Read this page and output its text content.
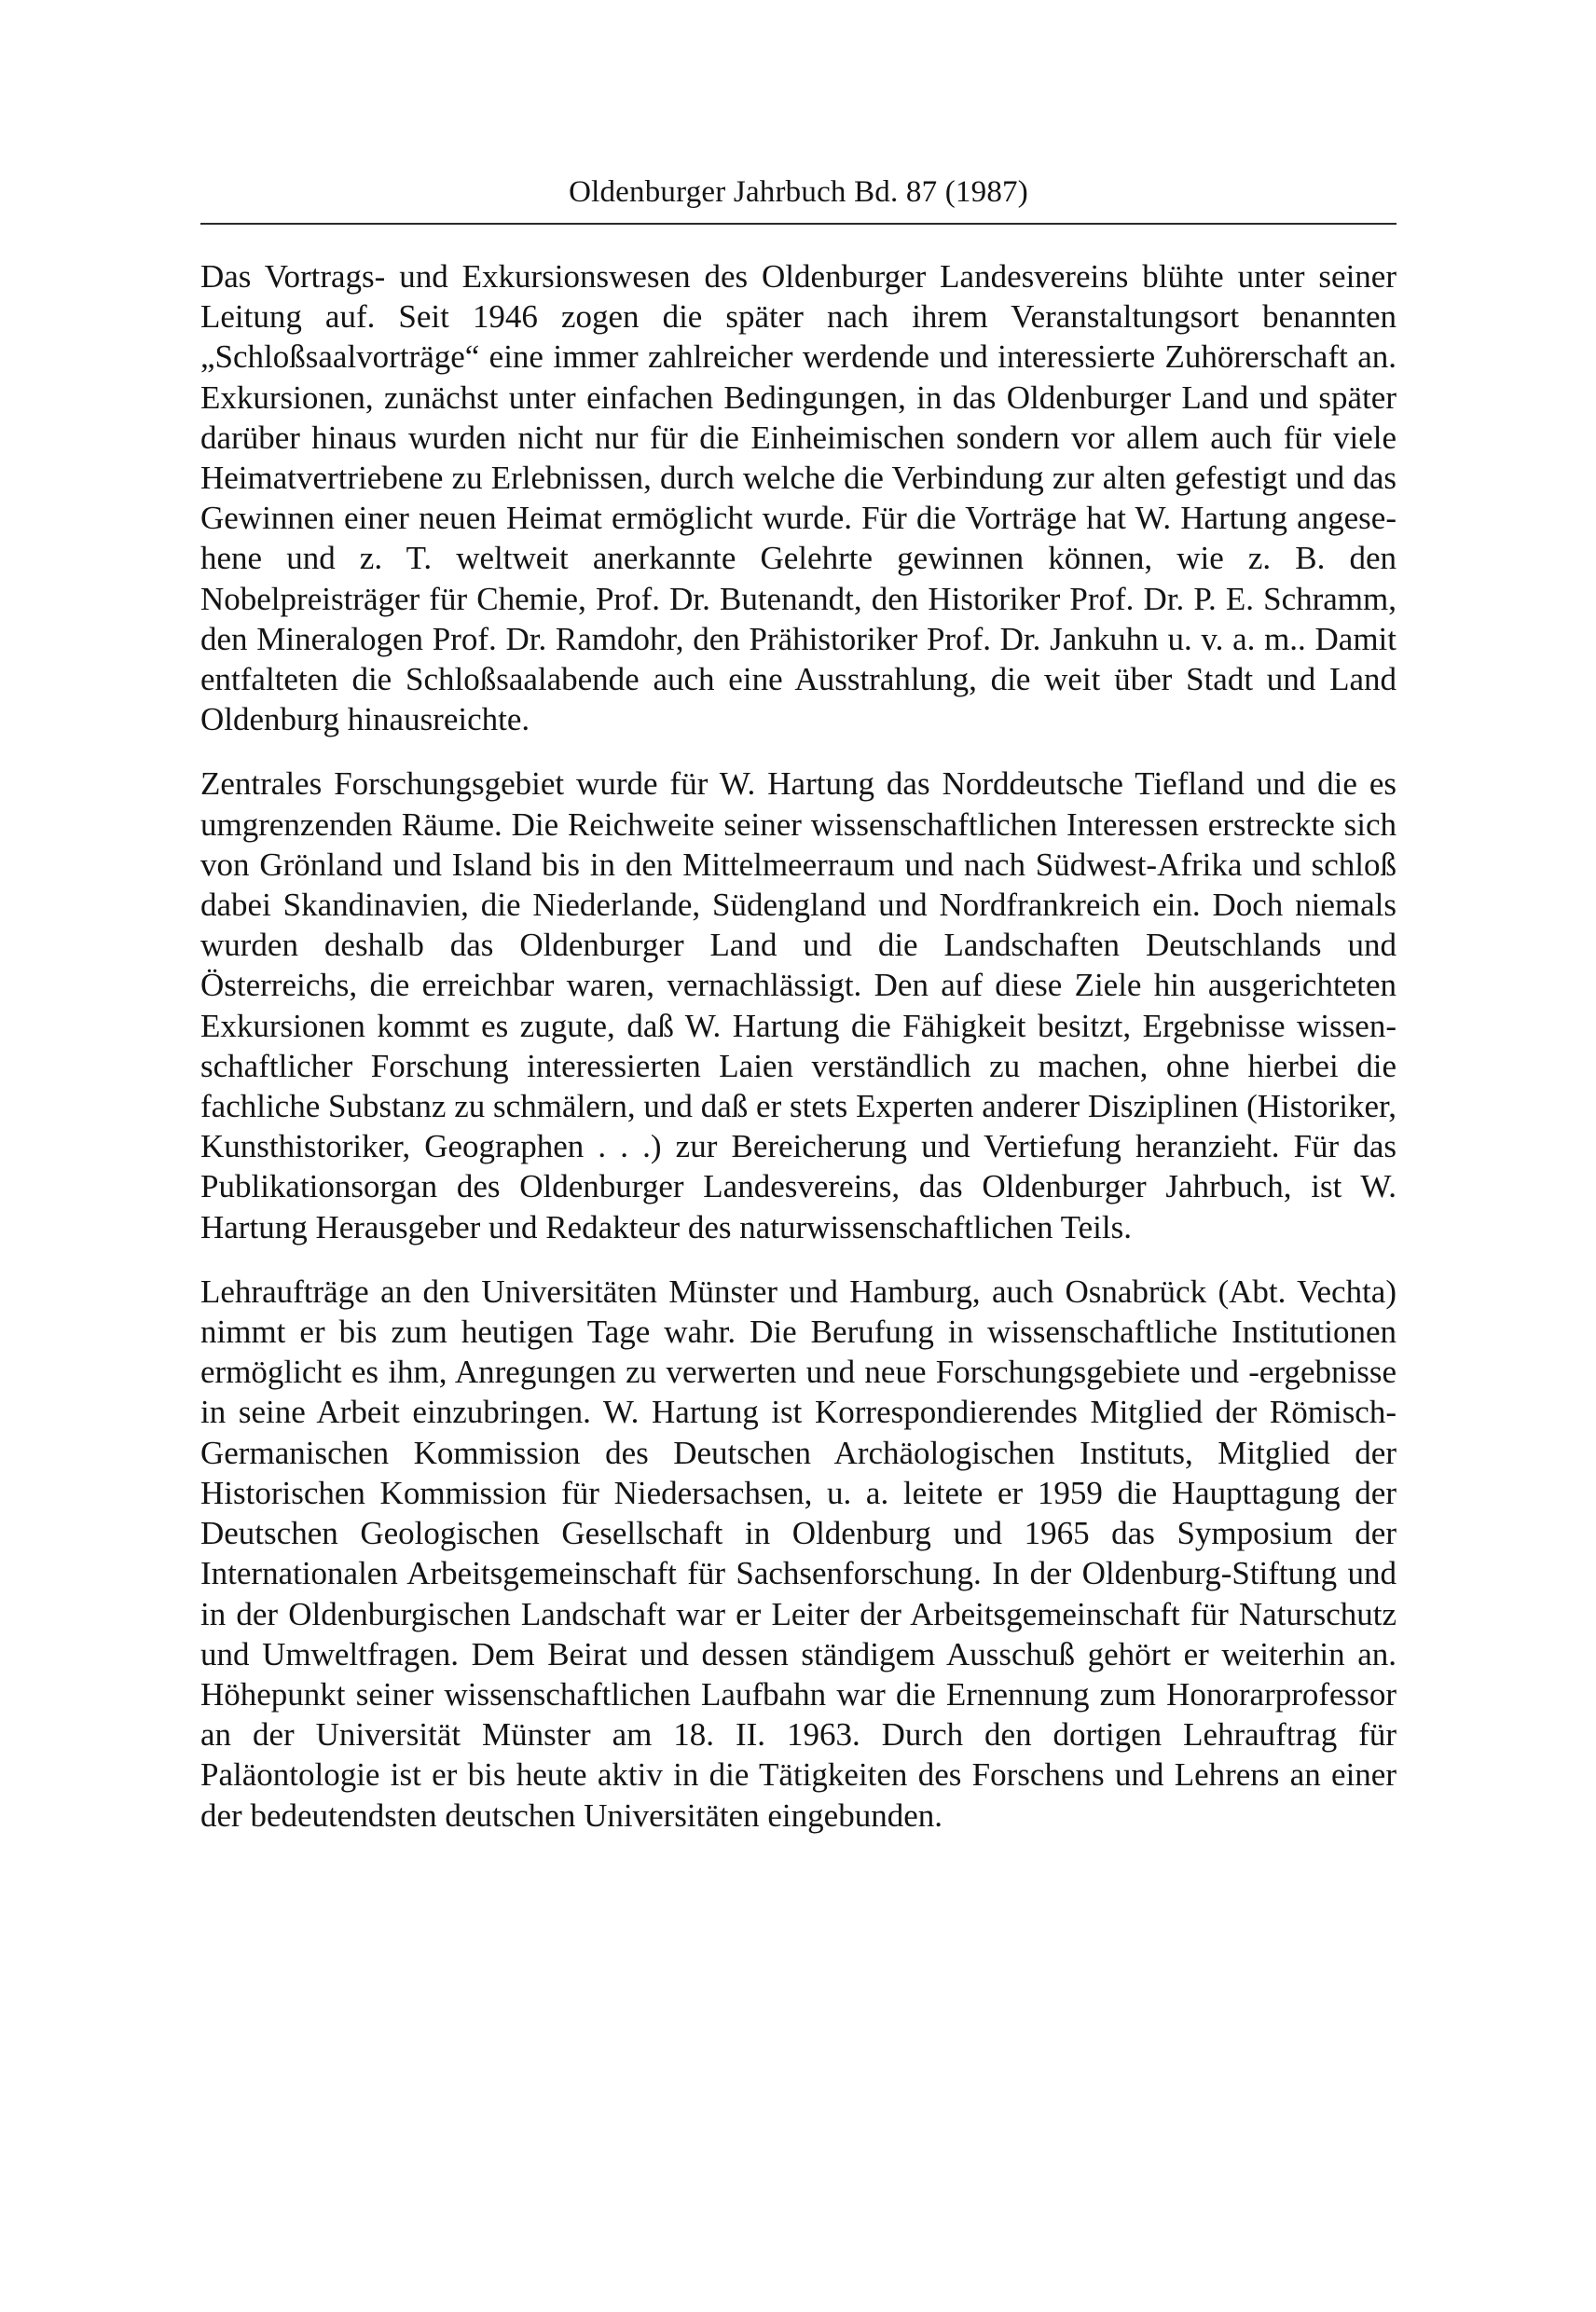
Oldenburger Jahrbuch Bd. 87 (1987)

Das Vortrags- und Exkursionswesen des Oldenburger Landesvereins blühte unter seiner Leitung auf. Seit 1946 zogen die später nach ihrem Veranstaltungsort benannten „Schloßsaalvorträge“ eine immer zahlreicher werdende und interessierte Zuhörerschaft an. Exkursionen, zunächst unter einfachen Bedingungen, in das Oldenburger Land und später darüber hinaus wurden nicht nur für die Einheimischen sondern vor allem auch für viele Heimatvertriebene zu Erlebnissen, durch welche die Verbindung zur alten gefestigt und das Gewinnen einer neuen Heimat ermöglicht wurde. Für die Vorträge hat W. Hartung angesehene und z. T. weltweit anerkannte Gelehrte gewinnen können, wie z. B. den Nobelpreisträger für Chemie, Prof. Dr. Butenandt, den Historiker Prof. Dr. P. E. Schramm, den Mineralogen Prof. Dr. Ramdohr, den Prähistoriker Prof. Dr. Jankuhn u. v. a. m.. Damit entfalteten die Schloßsaalabende auch eine Ausstrahlung, die weit über Stadt und Land Oldenburg hinausreichte.

Zentrales Forschungsgebiet wurde für W. Hartung das Norddeutsche Tiefland und die es umgrenzenden Räume. Die Reichweite seiner wissenschaftlichen Interessen erstreckte sich von Grönland und Island bis in den Mittelmeerraum und nach Südwest-Afrika und schloß dabei Skandinavien, die Niederlande, Südengland und Nordfrankreich ein. Doch niemals wurden deshalb das Oldenburger Land und die Landschaften Deutschlands und Österreichs, die erreichbar waren, vernachlässigt. Den auf diese Ziele hin ausgerichteten Exkursionen kommt es zugute, daß W. Hartung die Fähigkeit besitzt, Ergebnisse wissenschaftlicher Forschung interessierten Laien verständlich zu machen, ohne hierbei die fachliche Substanz zu schmälern, und daß er stets Experten anderer Disziplinen (Historiker, Kunsthistoriker, Geographen . . .) zur Bereicherung und Vertiefung heranzieht. Für das Publikationsorgan des Oldenburger Landesvereins, das Oldenburger Jahrbuch, ist W. Hartung Herausgeber und Redakteur des naturwissenschaftlichen Teils.

Lehraufträge an den Universitäten Münster und Hamburg, auch Osnabrück (Abt. Vechta) nimmt er bis zum heutigen Tage wahr. Die Berufung in wissenschaftliche Institutionen ermöglicht es ihm, Anregungen zu verwerten und neue Forschungsgebiete und -ergebnisse in seine Arbeit einzubringen. W. Hartung ist Korrespondierendes Mitglied der Römisch-Germanischen Kommission des Deutschen Archäologischen Instituts, Mitglied der Historischen Kommission für Niedersachsen, u. a. leitete er 1959 die Haupttagung der Deutschen Geologischen Gesellschaft in Oldenburg und 1965 das Symposium der Internationalen Arbeitsgemeinschaft für Sachsenforschung. In der Oldenburg-Stiftung und in der Oldenburgischen Landschaft war er Leiter der Arbeitsgemeinschaft für Naturschutz und Umweltfragen. Dem Beirat und dessen ständigem Ausschuß gehört er weiterhin an. Höhepunkt seiner wissenschaftlichen Laufbahn war die Ernennung zum Honorarprofessor an der Universität Münster am 18. II. 1963. Durch den dortigen Lehrauftrag für Paläontologie ist er bis heute aktiv in die Tätigkeiten des Forschens und Lehrens an einer der bedeutendsten deutschen Universitäten eingebunden.
